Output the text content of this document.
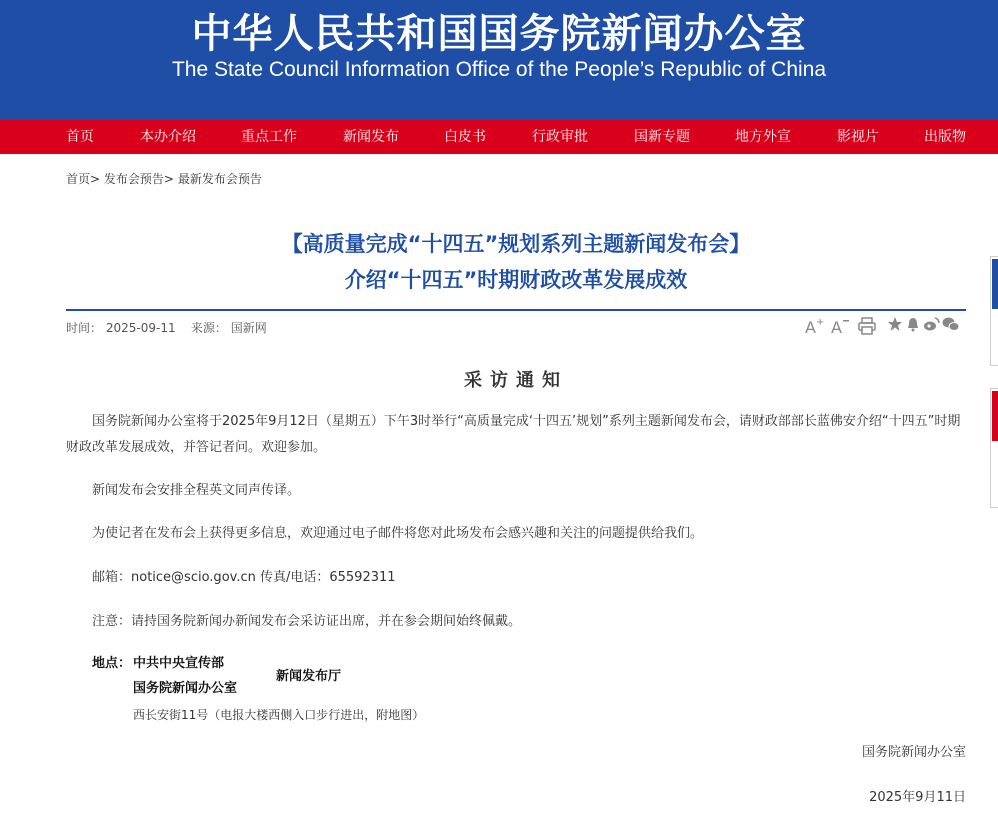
中华人民共和国国务院新闻办公室
The State Council Information Office of the People’s Republic of China
首页	本办介绍	重点工作	新闻发布	白皮书	行政审批	国新专题	地方外宣	影视片	出版物
首页> 发布会预告> 最新发布会预告
【高质量完成“十四五”规划系列主题新闻发布会】
介绍“十四五”时期财政改革发展成效
时间： 2025-09-11 来源： 国新网	A + A
采访通知
国务院新闻办公室将于2025年9月12日（星期五）下午3时举行“高质量完成‘十四五’规划”系列主题新闻发布会，请财政部部长蓝佛安介绍“十四五”时期财政改革发展成效，并答记者问。欢迎参加。
新闻发布会安排全程英文同声传译。
为使记者在发布会上获得更多信息，欢迎通过电子邮件将您对此场发布会感兴趣和关注的问题提供给我们。
邮箱：notice@scio.gov.cn 传真/电话：65592311
注意：请持国务院新闻办新闻发布会采访证出席，并在参会期间始终佩戴。
地点： 中共中央宣传部
国务院新闻办公室
新闻发布厅
西长安街11号（电报大楼西侧入口步行进出，附地图）
国务院新闻办公室
2025年9月11日
